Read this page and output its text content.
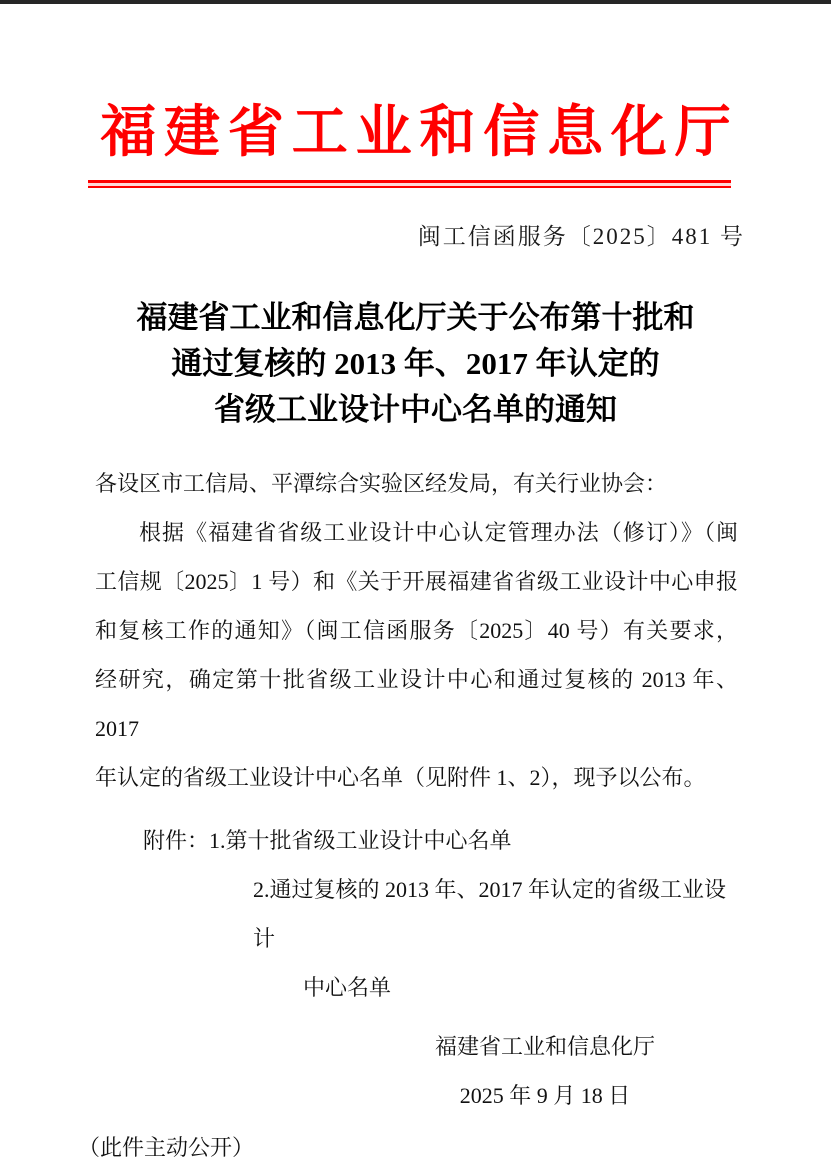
福建省工业和信息化厅
闽工信函服务〔2025〕481 号
福建省工业和信息化厅关于公布第十批和
通过复核的 2013 年、2017 年认定的
省级工业设计中心名单的通知
各设区市工信局、平潭综合实验区经发局，有关行业协会：
根据《福建省省级工业设计中心认定管理办法（修订）》（闽
工信规〔2025〕1 号）和《关于开展福建省省级工业设计中心申报
和复核工作的通知》（闽工信函服务〔2025〕40 号）有关要求，
经研究，确定第十批省级工业设计中心和通过复核的 2013 年、2017
年认定的省级工业设计中心名单（见附件 1、2），现予以公布。
附件：1.第十批省级工业设计中心名单
2.通过复核的 2013 年、2017 年认定的省级工业设计
中心名单
福建省工业和信息化厅
2025 年 9 月 18 日
（此件主动公开）
